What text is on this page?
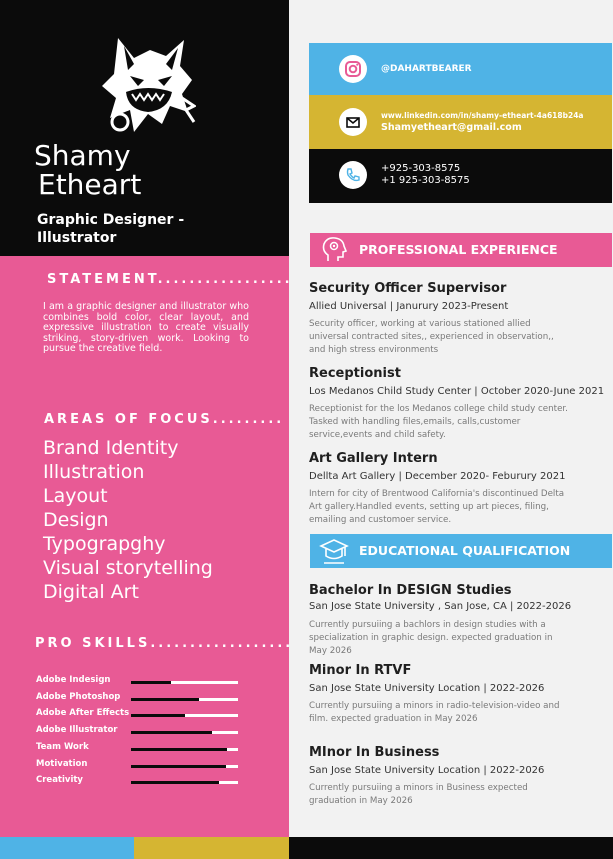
Shamy
Etheart
Graphic Designer - Illustrator
STATEMENT.................
I am a graphic designer and illustrator who combines bold color, clear layout, and expressive illustration to create visually striking, story-driven work. Looking to pursue the creative field.
AREAS OF FOCUS.........
Brand Identity
Illustration
Layout
Design
Typograpghy
Visual storytelling
Digital Art
PRO SKILLS..................
Adobe Indesign
Adobe Photoshop
Adobe After Effects
Adobe Illustrator
Team Work
Motivation
Creativity
@DAHARTBEARER
www.linkedin.com/in/shamy-etheart-4a618b24a
Shamyetheart@gmail.com
+925-303-8575
+1 925-303-8575
PROFESSIONAL EXPERIENCE
Security Officer Supervisor
Allied Universal | Janurury 2023-Present
Security officer, working at various stationed allied universal contracted sites,, experienced in observation,, and high stress environments
Receptionist
Los Medanos Child Study Center | October 2020-June 2021
Receptionist for the los Medanos college child study center. Tasked with handling files,emails, calls,customer service,events and child safety.
Art Gallery Intern
Dellta Art Gallery | December 2020- Feburury 2021
Intern for city of Brentwood California's discontinued Delta Art gallery.Handled events, setting up art pieces, filing, emailing and customoer service.
EDUCATIONAL QUALIFICATION
Bachelor In DESIGN Studies
San Jose State University , San Jose, CA | 2022-2026
Currently pursuiing a bachlors in design studies with a specialization in graphic design. expected graduation in May 2026
Minor In RTVF
San Jose State University Location | 2022-2026
Currently pursuiing a minors in radio-television-video and film. expected graduation in May 2026
MInor In Business
San Jose State University Location | 2022-2026
Currently pursuiing a minors in Business expected graduation in May 2026
